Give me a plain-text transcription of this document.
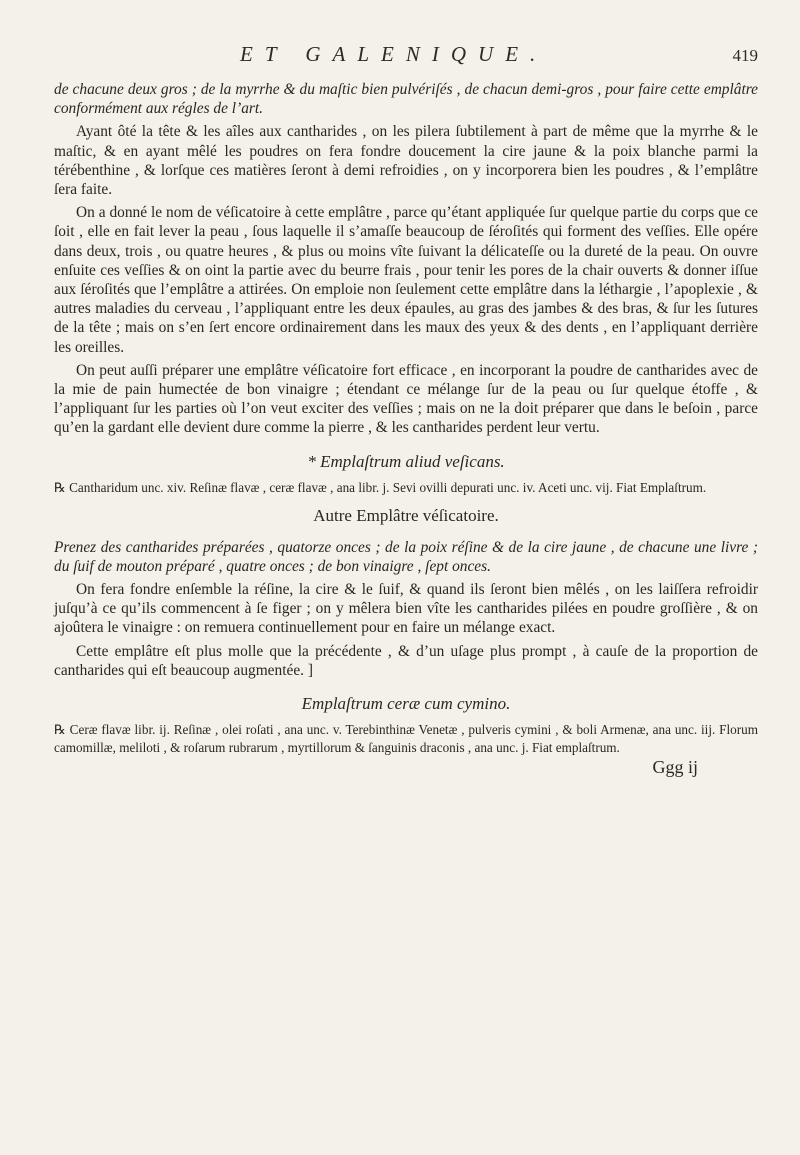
ET GALENIQUE.	419

de chacune deux gros ; de la myrrhe & du maſtic bien pulvériſés , de chacun demi-gros , pour faire cette emplâtre conformément aux régles de l’art.

Ayant ôté la tête & les aîles aux cantharides , on les pilera ſubtilement à part de même que la myrrhe & le maſtic, & en ayant mêlé les poudres on fera fondre doucement la cire jaune & la poix blanche parmi la térébenthine , & lorſque ces matières ſeront à demi refroidies , on y incorporera bien les poudres , & l’emplâtre ſera faite.

On a donné le nom de véſicatoire à cette emplâtre , parce qu’étant appliquée ſur quelque partie du corps que ce ſoit , elle en fait lever la peau , ſous laquelle il s’amaſſe beaucoup de ſéroſités qui forment des veſſies. Elle opére dans deux, trois , ou quatre heures , & plus ou moins vîte ſuivant la délicateſſe ou la dureté de la peau. On ouvre enſuite ces veſſies & on oint la partie avec du beurre frais , pour tenir les pores de la chair ouverts & donner iſſue aux ſéroſités que l’emplâtre a attirées. On emploie non ſeulement cette emplâtre dans la léthargie , l’apoplexie , & autres maladies du cerveau , l’appliquant entre les deux épaules, au gras des jambes & des bras, & ſur les ſutures de la tête ; mais on s’en ſert encore ordinairement dans les maux des yeux & des dents , en l’appliquant derrière les oreilles.

On peut auſſi préparer une emplâtre véſicatoire fort efficace , en incorporant la poudre de cantharides avec de la mie de pain humectée de bon vinaigre ; étendant ce mélange ſur de la peau ou ſur quelque étoffe , & l’appliquant ſur les parties où l’on veut exciter des veſſies ; mais on ne la doit préparer que dans le beſoin , parce qu’en la gardant elle devient dure comme la pierre , & les cantharides perdent leur vertu.

* Emplaſtrum aliud veſicans.

℞ Cantharidum unc. xiv. Reſinæ flavæ , ceræ flavæ , ana libr. j. Sevi ovilli depurati unc. iv. Aceti unc. vij. Fiat Emplaſtrum.

Autre Emplâtre véſicatoire.

Prenez des cantharides préparées , quatorze onces ; de la poix réſine & de la cire jaune , de chacune une livre ; du ſuif de mouton préparé , quatre onces ; de bon vinaigre , ſept onces.

On fera fondre enſemble la réſine, la cire & le ſuif, & quand ils ſeront bien mêlés , on les laiſſera refroidir juſqu’à ce qu’ils commencent à ſe figer ; on y mêlera bien vîte les cantharides pilées en poudre groſſière , & on ajoûtera le vinaigre : on remuera continuellement pour en faire un mélange exact.

Cette emplâtre eſt plus molle que la précédente , & d’un uſage plus prompt , à cauſe de la proportion de cantharides qui eſt beaucoup augmentée. ]

Emplaſtrum ceræ cum cymino.

℞ Ceræ flavæ libr. ij. Reſinæ , olei roſati , ana unc. v. Terebinthinæ Venetæ , pulveris cymini , & boli Armenæ, ana unc. iij. Florum camomillæ, meliloti , & roſarum rubrarum , myrtillorum & ſanguinis draconis , ana unc. j. Fiat emplaſtrum.

Ggg ij
